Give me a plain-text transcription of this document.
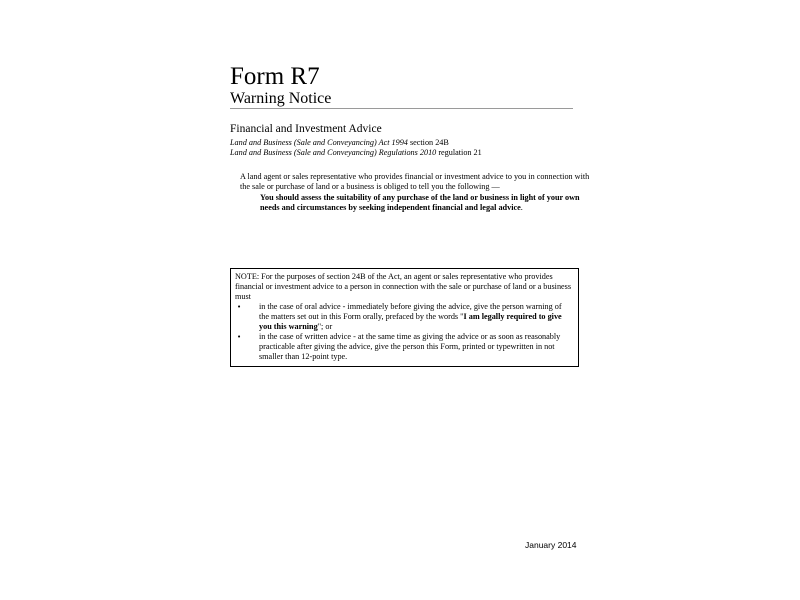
Form R7
Warning Notice
Financial and Investment Advice
Land and Business (Sale and Conveyancing) Act 1994 section 24B
Land and Business (Sale and Conveyancing) Regulations 2010 regulation 21
A land agent or sales representative who provides financial or investment advice to you in connection with the sale or purchase of land or a business is obliged to tell you the following —
You should assess the suitability of any purchase of the land or business in light of your own needs and circumstances by seeking independent financial and legal advice.

NOTE: For the purposes of section 24B of the Act, an agent or sales representative who provides financial or investment advice to a person in connection with the sale or purchase of land or a business must

• in the case of oral advice - immediately before giving the advice, give the person warning of the matters set out in this Form orally, prefaced by the words "I am legally required to give you this warning"; or
• in the case of written advice - at the same time as giving the advice or as soon as reasonably practicable after giving the advice, give the person this Form, printed or typewritten in not smaller than 12-point type.
January 2014
